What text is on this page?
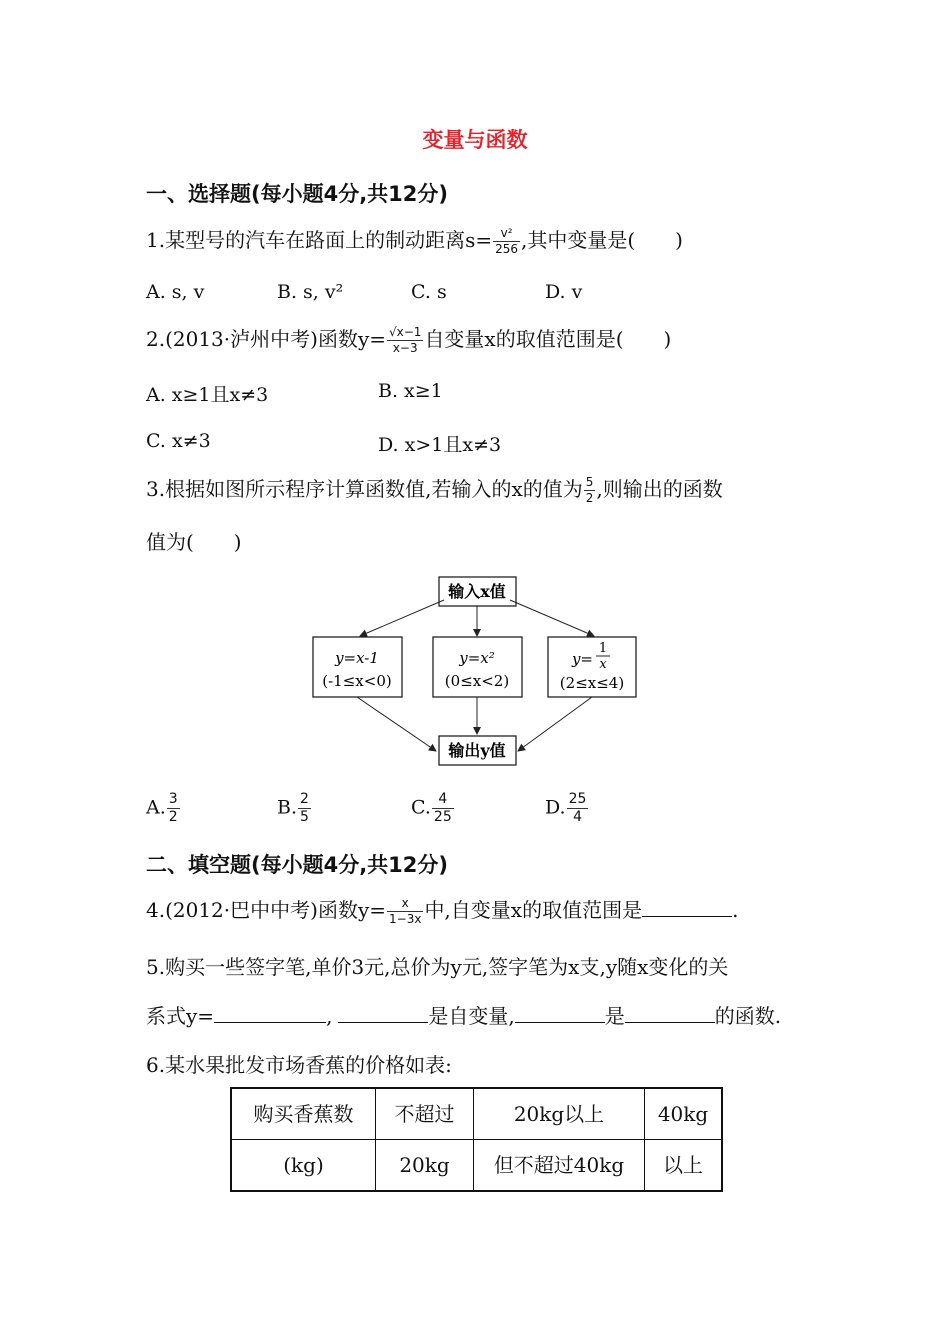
变量与函数
一、选择题(每小题4分,共12分)
1.某型号的汽车在路面上的制动距离$s= \frac{\text{v²}}{256}$ ,其中变量是(　　)
A. s, v	B. s, v²	C. s	D. v
2.(2013·泸州中考)函数$y= \frac{√x-1}{x-3}$ 自变量x的取值范围是(　　)
A. x≥1且x≠3	B. x≥1
C. x≠3	D. x>1且x≠3
3.根据如图所示程序计算函数值,若输入的x的值为 $\frac{5}{2}$ ,则输出的函数
值为(　　)
输入x值
y=x-1
(-1≤x<0)
y=x²
(0≤x<2)
y=
1
x
(2≤x≤4)
输出y值
A. $\frac{3}{2}$	B. $\frac{2}{5}$	C. $\frac{4}{25}$	D. $\frac{25}{4}$
二、填空题(每小题4分,共12分)
4.(2012·巴中中考)函数$y= \frac{x}{1-3x}$ 中,自变量x的取值范围是	.
5.购买一些签字笔,单价3元,总价为y元,签字笔为x支,y随x变化的关
系式y=	,	是自变量,	是	的函数.
6.某水果批发市场香蕉的价格如表:
购买香蕉数	不超过	20kg以上	40kg
(kg)	20kg	但不超过40kg	以上
